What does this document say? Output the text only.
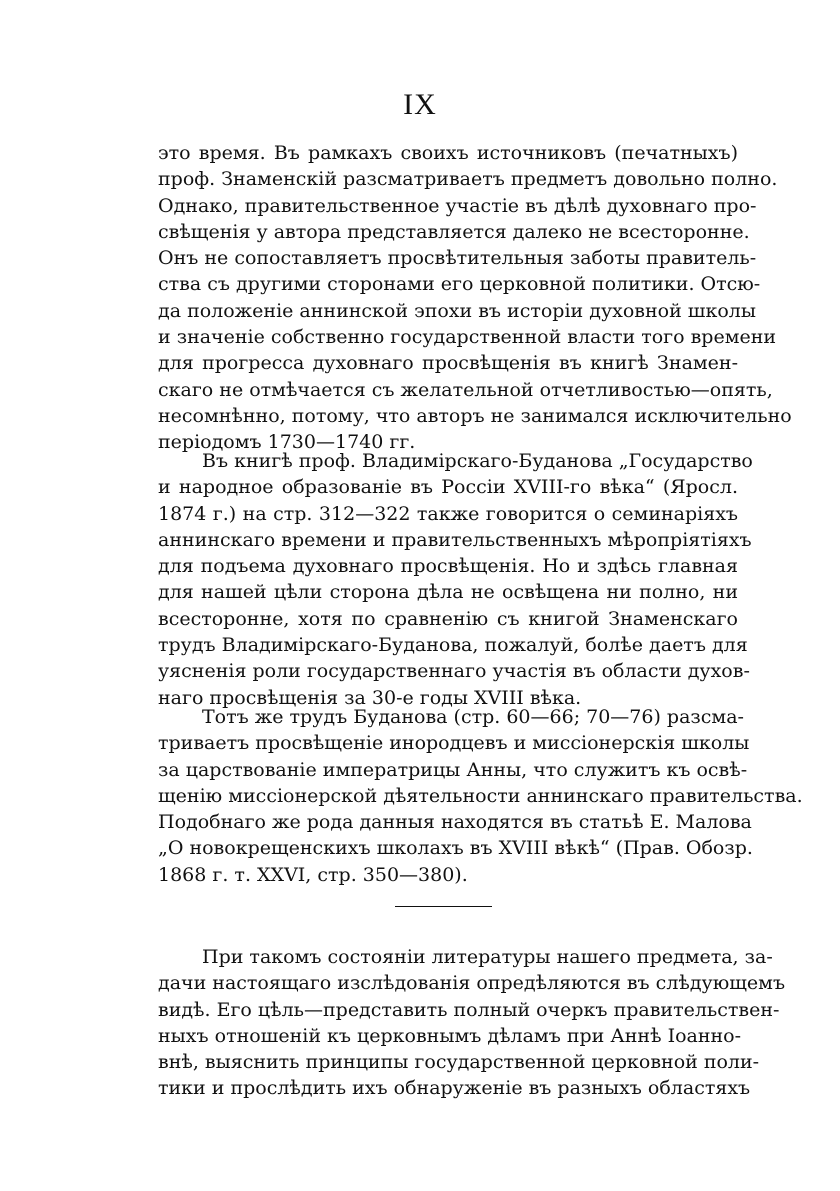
IX
это время. Въ рамкахъ своихъ источниковъ (печатныхъ)
проф. Знаменскій разсматриваетъ предметъ довольно полно.
Однако, правительственное участіе въ дѣлѣ духовнаго про-
свѣщенія у автора представляется далеко не всесторонне.
Онъ не сопоставляетъ просвѣтительныя заботы правитель-
ства съ другими сторонами его церковной политики. Отсю-
да положеніе аннинской эпохи въ исторіи духовной школы
и значеніе собственно государственной власти того времени
для прогресса духовнаго просвѣщенія въ книгѣ Знамен-
скаго не отмѣчается съ желательной отчетливостью—опять,
несомнѣнно, потому, что авторъ не занимался исключительно
періодомъ 1730—1740 гг.
Въ книгѣ проф. Владимірскаго-Буданова „Государство
и народное образованіе въ Россіи XVIII-го вѣка“ (Яросл.
1874 г.) на стр. 312—322 также говорится о семинаріяхъ
аннинскаго времени и правительственныхъ мѣропріятіяхъ
для подъема духовнаго просвѣщенія. Но и здѣсь главная
для нашей цѣли сторона дѣла не освѣщена ни полно, ни
всесторонне, хотя по сравненію съ книгой Знаменскаго
трудъ Владимірскаго-Буданова, пожалуй, болѣе даетъ для
уясненія роли государственнаго участія въ области духов-
наго просвѣщенія за 30-е годы XVIII вѣка.
Тотъ же трудъ Буданова (стр. 60—66; 70—76) разсма-
триваетъ просвѣщеніе инородцевъ и миссіонерскія школы
за царствованіе императрицы Анны, что служитъ къ освѣ-
щенію миссіонерской дѣятельности аннинскаго правительства.
Подобнаго же рода данныя находятся въ статьѣ Е. Малова
„О новокрещенскихъ школахъ въ XVIII вѣкѣ“ (Прав. Обозр.
1868 г. т. XXVI, стр. 350—380).
При такомъ состояніи литературы нашего предмета, за-
дачи настоящаго изслѣдованія опредѣляются въ слѣдующемъ
видѣ. Его цѣль—представить полный очеркъ правительствен-
ныхъ отношеній къ церковнымъ дѣламъ при Аннѣ Іоанно-
внѣ, выяснить принципы государственной церковной поли-
тики и прослѣдить ихъ обнаруженіе въ разныхъ областяхъ
